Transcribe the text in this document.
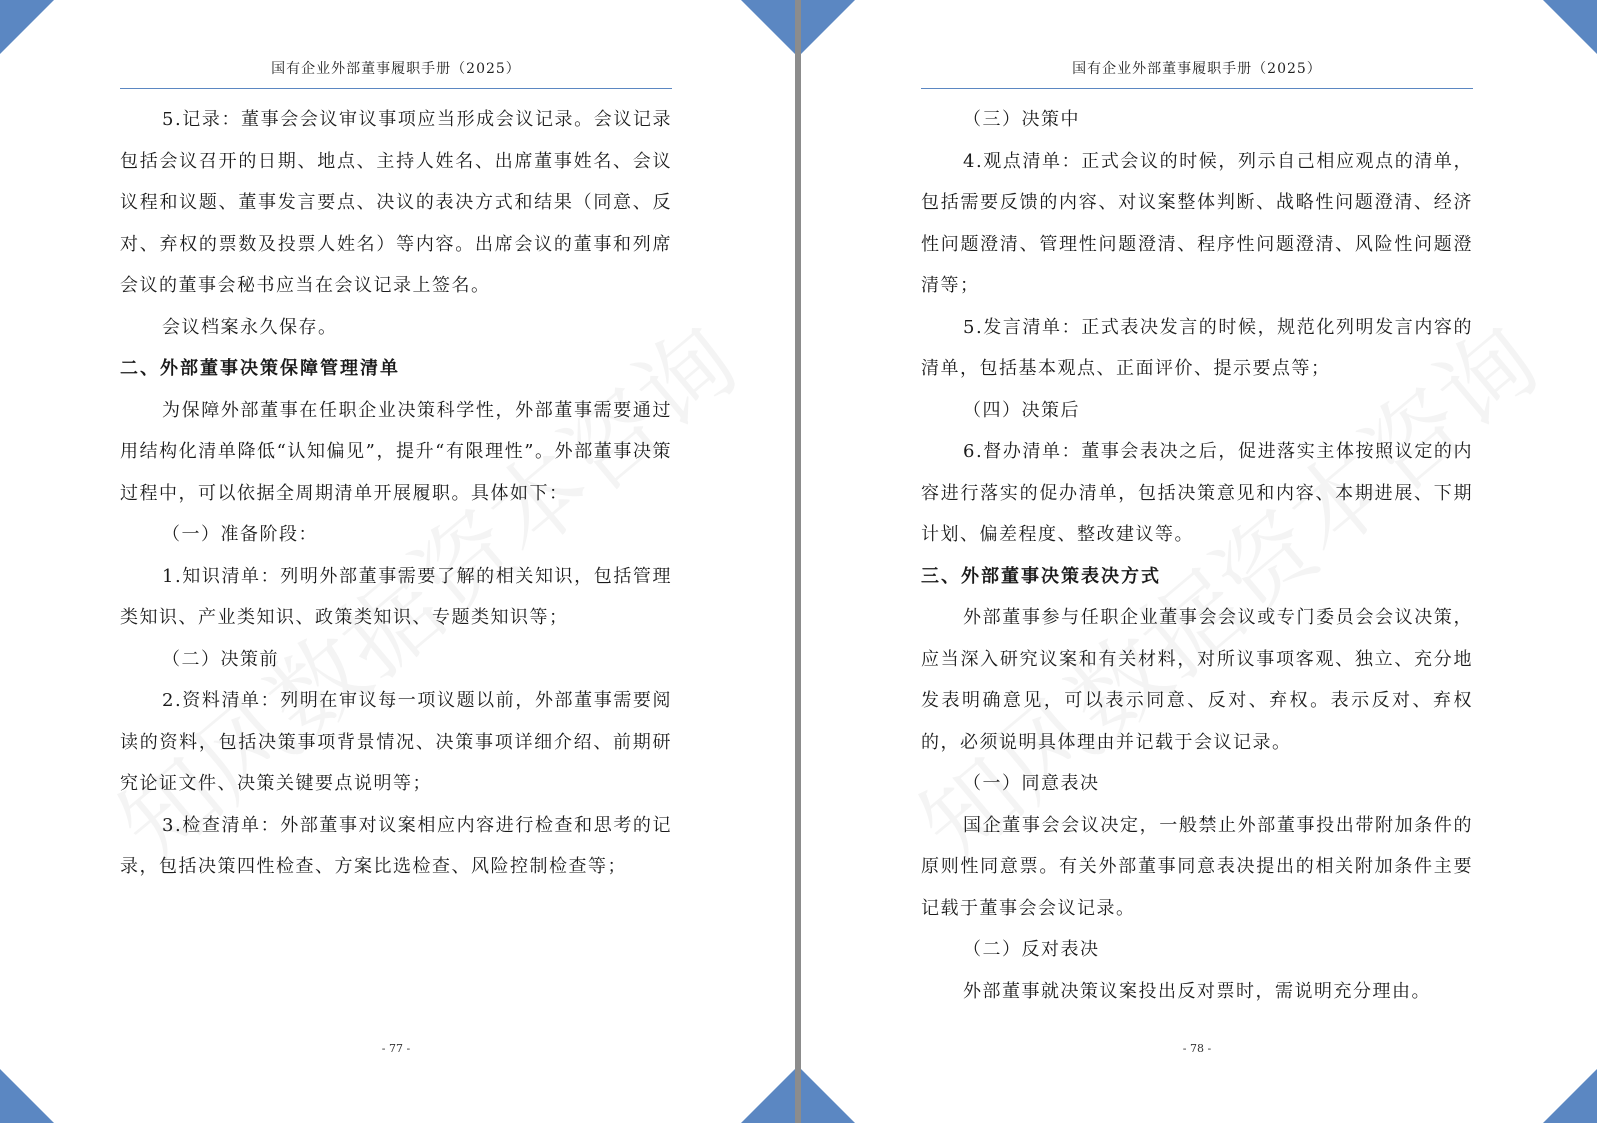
国有企业外部董事履职手册（2025）

5.记录：董事会会议审议事项应当形成会议记录。会议记录包括会议召开的日期、地点、主持人姓名、出席董事姓名、会议议程和议题、董事发言要点、决议的表决方式和结果（同意、反对、弃权的票数及投票人姓名）等内容。出席会议的董事和列席会议的董事会秘书应当在会议记录上签名。

会议档案永久保存。

二、外部董事决策保障管理清单

为保障外部董事在任职企业决策科学性，外部董事需要通过用结构化清单降低“认知偏见”，提升“有限理性”。外部董事决策过程中，可以依据全周期清单开展履职。具体如下：

（一）准备阶段：

1.知识清单：列明外部董事需要了解的相关知识，包括管理类知识、产业类知识、政策类知识、专题类知识等；

（二）决策前

2.资料清单：列明在审议每一项议题以前，外部董事需要阅读的资料，包括决策事项背景情况、决策事项详细介绍、前期研究论证文件、决策关键要点说明等；

3.检查清单：外部董事对议案相应内容进行检查和思考的记录，包括决策四性检查、方案比选检查、风险控制检查等；

- 77 -
国有企业外部董事履职手册（2025）

（三）决策中

4.观点清单：正式会议的时候，列示自己相应观点的清单，包括需要反馈的内容、对议案整体判断、战略性问题澄清、经济性问题澄清、管理性问题澄清、程序性问题澄清、风险性问题澄清等；

5.发言清单：正式表决发言的时候，规范化列明发言内容的清单，包括基本观点、正面评价、提示要点等；

（四）决策后

6.督办清单：董事会表决之后，促进落实主体按照议定的内容进行落实的促办清单，包括决策意见和内容、本期进展、下期计划、偏差程度、整改建议等。

三、外部董事决策表决方式

外部董事参与任职企业董事会会议或专门委员会会议决策，应当深入研究议案和有关材料，对所议事项客观、独立、充分地发表明确意见，可以表示同意、反对、弃权。表示反对、弃权的，必须说明具体理由并记载于会议记录。

（一）同意表决

国企董事会会议决定，一般禁止外部董事投出带附加条件的原则性同意票。有关外部董事同意表决提出的相关附加条件主要记载于董事会会议记录。

（二）反对表决

外部董事就决策议案投出反对票时，需说明充分理由。

- 78 -
